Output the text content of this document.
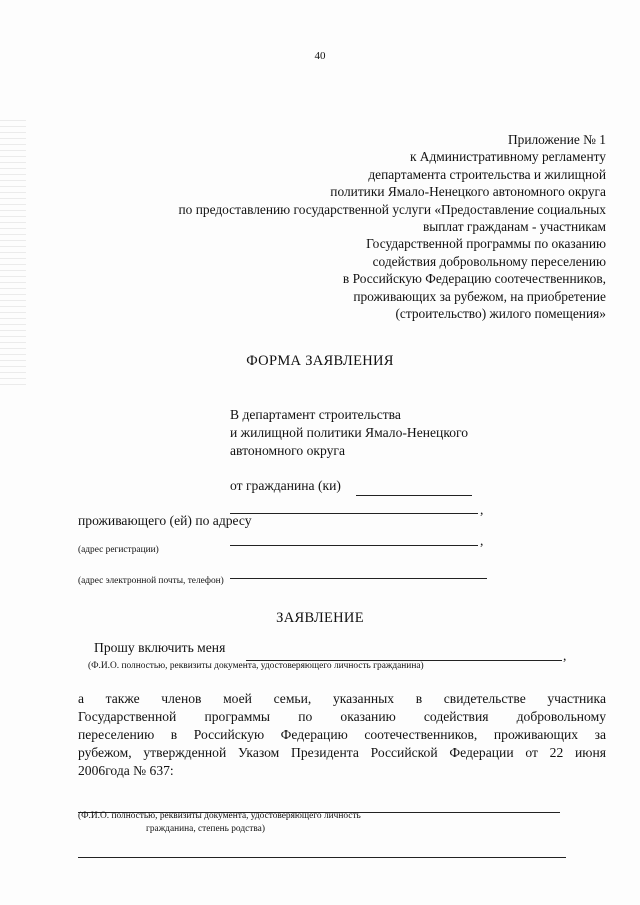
40
Приложение № 1
к Административному регламенту
департамента строительства и жилищной
политики Ямало-Ненецкого автономного округа
по предоставлению государственной услуги «Предоставление социальных
выплат гражданам - участникам
Государственной программы по оказанию
содействия добровольному переселению
в Российскую Федерацию соотечественников,
проживающих за рубежом, на приобретение
(строительство) жилого помещения»
ФОРМА ЗАЯВЛЕНИЯ
В департамент строительства
и жилищной политики Ямало-Ненецкого
автономного округа
от гражданина (ки)
,
проживающего (ей) по адресу
,
(адрес регистрации)
(адрес электронной почты, телефон)
ЗАЯВЛЕНИЕ
Прошу включить меня
,
(Ф.И.О. полностью, реквизиты документа, удостоверяющего личность гражданина)
а также членов моей семьи, указанных в свидетельстве участника
Государственной программы по оказанию содействия добровольному
переселению в Российскую Федерацию соотечественников, проживающих за
рубежом, утвержденной Указом Президента Российской Федерации от 22 июня
2006года № 637:
(Ф.И.О. полностью, реквизиты документа, удостоверяющего личность
гражданина, степень родства)
